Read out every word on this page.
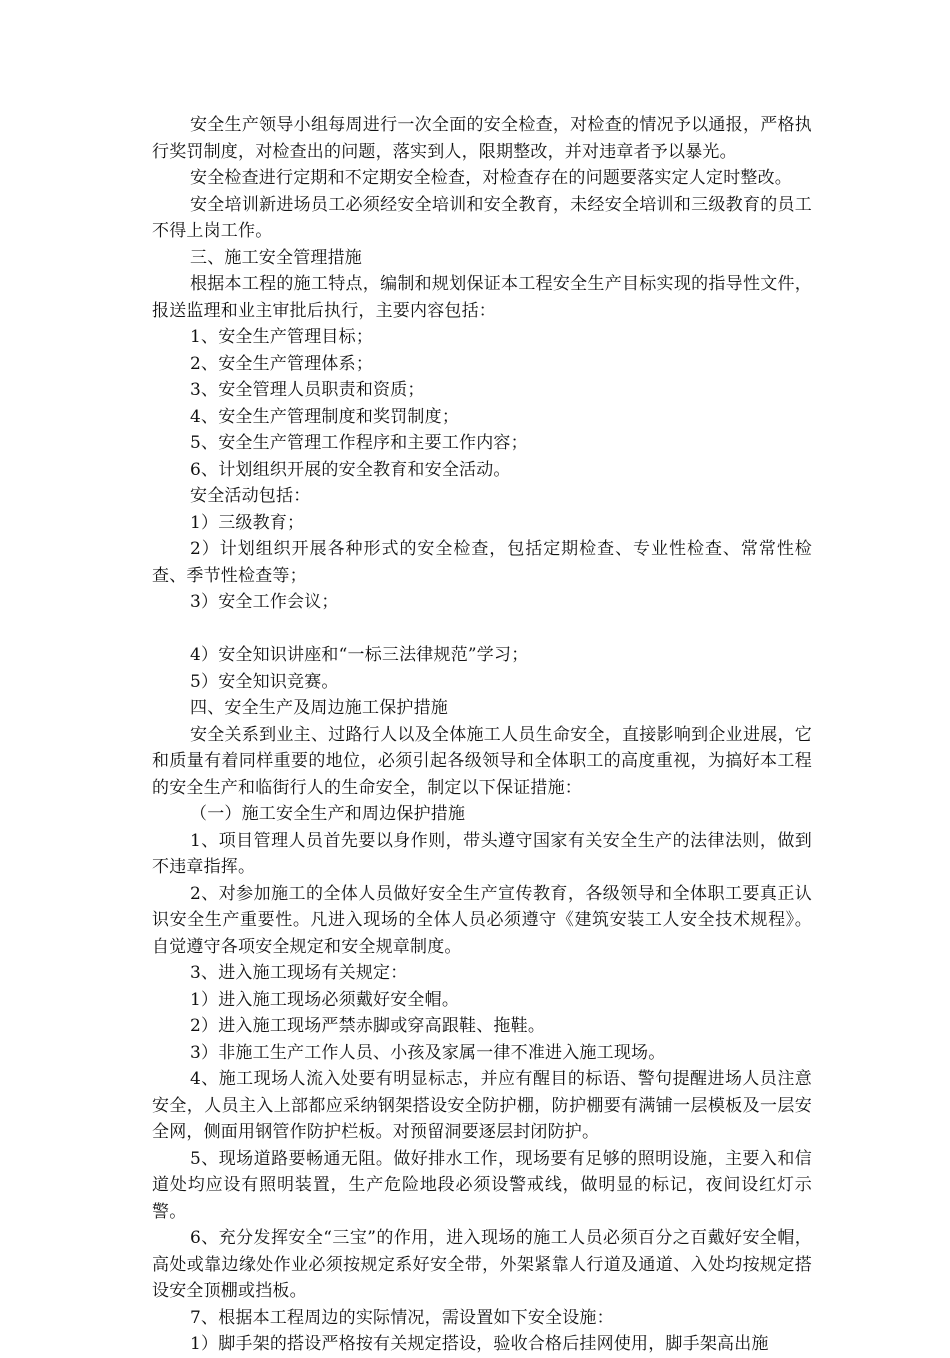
安全生产领导小组每周进行一次全面的安全检查，对检查的情况予以通报，严格执行奖罚制度，对检查出的问题，落实到人，限期整改，并对违章者予以暴光。

安全检查进行定期和不定期安全检查，对检查存在的问题要落实定人定时整改。

安全培训新进场员工必须经安全培训和安全教育，未经安全培训和三级教育的员工不得上岗工作。

三、施工安全管理措施

根据本工程的施工特点，编制和规划保证本工程安全生产目标实现的指导性文件，报送监理和业主审批后执行，主要内容包括：

1、安全生产管理目标；

2、安全生产管理体系；

3、安全管理人员职责和资质；

4、安全生产管理制度和奖罚制度；

5、安全生产管理工作程序和主要工作内容；

6、计划组织开展的安全教育和安全活动。

安全活动包括：

1）三级教育；

2）计划组织开展各种形式的安全检查，包括定期检查、专业性检查、常常性检查、季节性检查等；

3）安全工作会议；

4）安全知识讲座和“一标三法律规范”学习；

5）安全知识竞赛。

四、安全生产及周边施工保护措施

安全关系到业主、过路行人以及全体施工人员生命安全，直接影响到企业进展，它和质量有着同样重要的地位，必须引起各级领导和全体职工的高度重视，为搞好本工程的安全生产和临街行人的生命安全，制定以下保证措施：

（一）施工安全生产和周边保护措施

1、项目管理人员首先要以身作则，带头遵守国家有关安全生产的法律法则，做到不违章指挥。

2、对参加施工的全体人员做好安全生产宣传教育，各级领导和全体职工要真正认识安全生产重要性。凡进入现场的全体人员必须遵守《建筑安装工人安全技术规程》。自觉遵守各项安全规定和安全规章制度。

3、进入施工现场有关规定：

1）进入施工现场必须戴好安全帽。

2）进入施工现场严禁赤脚或穿高跟鞋、拖鞋。

3）非施工生产工作人员、小孩及家属一律不准进入施工现场。

4、施工现场人流入处要有明显标志，并应有醒目的标语、警句提醒进场人员注意安全，人员主入上部都应采纳钢架搭设安全防护棚，防护棚要有满铺一层模板及一层安全网，侧面用钢管作防护栏板。对预留洞要逐层封闭防护。

5、现场道路要畅通无阻。做好排水工作，现场要有足够的照明设施，主要入和信道处均应设有照明装置，生产危险地段必须设警戒线，做明显的标记，夜间设红灯示警。

6、充分发挥安全“三宝”的作用，进入现场的施工人员必须百分之百戴好安全帽，高处或靠边缘处作业必须按规定系好安全带，外架紧靠人行道及通道、入处均按规定搭设安全顶棚或挡板。

7、根据本工程周边的实际情况，需设置如下安全设施：

1）脚手架的搭设严格按有关规定搭设，验收合格后挂网使用，脚手架高出施
